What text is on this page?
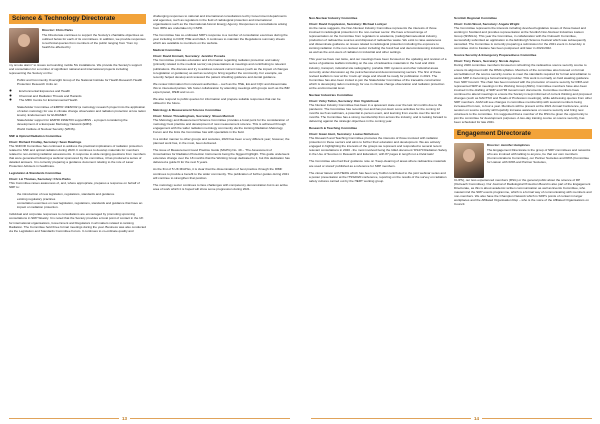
Science & Technology Directorate
Director: Chris Parks

The Directorate continues to support the Society's charitable objectives as outlined below for each of its committees. In addition, we provide responses to technical queries from members of the public ranging from "Can my health be affected by

my smoke alarm" to issues surrounding mobile 5G installations. We provide the Society's support and consultation for a number of significant national and international projects including representing the Society on the:

• Public and Community Oversight Group of the National Institute for Health Research Health Protection Research Units on:
◦ Environmental Exposures and Health
◦ Chemical and Radiation Threats and Hazards
◦ The MRC Centre for Environmental Health
• Stakeholder Committee of EMPIR 19ENV02 (a metrology research project into the application of radon metrology for use in climate change observation and radiation protection at low radon levels). Endorsement for EURAMET.
• Stakeholder support for EMPIR 19NET03 supportBSS - a project considering the development of a European Metrology Network (EMN).
• World Institute of Nuclear Security (WINS).
SNF & Optical Radiation Committee
Chair: Richard Findlay, Secretary: Sean Rawlings

The SNFOR Committee has continued to address the practical implications of radiation protection related to SNF and optical radiation during 2020. It continues to develop materials for members related to non-ionising radiation assessments. In response to wide ranging questions from members that were generated following a webinar sponsored by the committee, it has produced a series of detailed answers. It is currently preparing a guidance document relating to the role of Laser Protection Advisers in healthcare.

Legislation & Standards Committee
Chair: Liz Thomas, Secretary: Chris Parks

This Committee raises awareness of, and, where appropriate, prepares a response on behalf of SRP to:

• the introduction of new legislation, regulations, standards and guidance
• existing regulatory practices
• consultation exercises on new legislation, regulations, standards and guidance that have an impact on radiation protection.

Individual and corporate responses to consultations are encouraged by promoting upcoming consultations in SRP Weekly. It is noted that the Society provides a focal point of contact in the UK for international organisations, Government and Regulators in all matters related to ionising Radiation. The Committee held three formal meetings during the year. Business was also conducted via the Legislation and Standards Committee Forum. It continues to co-ordinate quality and

challenging responses to national and international consultations led by Government departments and agencies, such as regulators in the field of radiological protection and international organisations such as the International Atomic Energy Agency. Responses to consultations arising from IRPA are undertaken by CSPR.

The Committee has co-ordinated SRP's response to a number of consultation exercises during the year including to ICRP, HSE and IAEA. It continues to maintain the Regulations summary sheets which are available to members on the website.

Medical Committee
Chair: David Emmett, Secretary: Jennifer Poveda

The Committee provides education and information regarding radiation protection and safety (primarily related to the medical sector) via presentations at meetings and contributing to relevant publications. We discuss and try to address relevant current issues (such as the impact of changes to legislation or guidance) as well as serving to bring together the community. For example, we recently helped develop and reviewed the patient shielding guidance and dental guidance.

We review information from relevant authorities – such as the HSE, EA and CQC and disseminate this to interested parties. We foster collaboration by attending meetings with groups such as the BIR expert panel, IPEM and so on.

We also respond to public queries for information and prepare suitable responses that can be utilised in the future.

Metrology & Measurement Science Committee
Chair: Simon Threadingham, Secretary: Shaun Marriott

The Metrology and Measurement Science Committee provides a focal point for the consideration of metrology best practice and development of new measurement science. This is achieved through engagement with the wider radiation metrology community via the Ionising Radiation Metrology Forum and the links the Committee has with specialists in the field.

In a similar manner to other groups and societies, 2020 has been a very different year; however, the planned work has, in the most, been delivered.

The issue of Measurement Good Practice Guide (MGPG) No. 49 – 'The Assessment of Uncertainties for Radiation Protection Instruments being the biggest highlight. This guide underwent extensive change over the 18 months that the Working Group dedicated to it, but this dedication has delivered a guide fit for the next 5 years.

As the first of 5 UK MGPGs, it is clear that the dissemination of best practice through the IRMF continues to provide a benefit to the wider community. The publication of further guides during 2021 will continue to strengthen that position.

The metrology sector continues to face challenges with competency demonstration but is an active area of work which it is hoped will show some progression during 2021.

Non-Nuclear Industry Committee
Chair: David Coppleston, Secretary: Michael Lockyer

As the name suggests, the Non-Nuclear Industry Committee represents the interests of those involved in radiological protection in the non-nuclear sector. We have a broad range of representation on the Committee from regulators to academia, (radio)pharmaceutical industry, production of radioactive sources and disposal of radioactive waste. We exist to raise awareness and disseminate guidance on issues related to radiological protection including the exposure to ionising radiation in the non-nuclear sector including the fossil fuel and decommissioning industries, as well as the end-users of radiation in industrial and other settings.

This year we have met twice, and our meetings have been focused on the updating and revision of a series of guidance leaflets including on the use of radioactive materials in the food and drink industry, transport, industrial site radiography, portable XRF systems and other industrial areas currently under discussion eg the petrochemical and decommissioning sectors. The first of these revised leaflets is now at the 'mock-up' stage and should be ready for publication in 2021. The Committee has also been invited to join the Stakeholder Committee of the traceable construction which is developing radon metrology for use in climate change observation and radiation protection at the environmental level.

Nuclear Industries Committee
Chair: Vicky Tallon, Secretary: Kim Vignitchouk

The Nuclear Industry Committee has been in a quiescent state over the last 12 months due to the pandemic. The Committee has recently met and has put down some activities for the coming 12 months such as webinars, a potential in-person event, and learning from events over the last 12 months. The Committee has a strong membership from across the industry, and is looking forward to delivering against the strategic objectives in the coming year.

Research & Teaching Committee
Chair: Gwen Hunt, Secretary: Louise Nicholson

The Research and Teaching Committee promotes the interests of those involved with radiation protection in these sectors and aims to further their education and development. We are actively engaged in highlighting the interests of the groups we represent and responded to several recent relevant consultations in 2020 - the most involved being the IAEA document 'DS470 Radiation Safety in the Use of Sources in Research and Education', with 87 pages in length not a trivial task!

The Committee also had their guidance note on 'Keep-cleaning of areas where radioactive materials are used or stored' published as a reference for SRP members.

The closer liaison with HERG which has been very fruitful contributed to the joint webinar series and a poster presentation at the ITSS2020 conference, reporting on the results of the survey on radiation safety cultures carried out by the HERT working group.

Scottish Regional Committee
Chair: Colin Wood, Secretary: Angela Wright

The Committee represents the interests including devolved legislative issues of those based and working in Scotland and provides representation at the Scottish Non-Nuclear Industries Liaison Group (SNNILG). This year the Committee, in collaboration with the Outreach Committee, successfully submitted an application to the Edinburgh Science Festival which was subsequently cancelled. The Committee is currently preparing a submission for the 2021 event in June/July. A committee visit to Fastane has been postponed until later in 2021/2022.

Source Security & Emergency Preparedness Committee
Chair: Tony Peters, Secretary: Nicola Jaynes

During 2020 committee members focused on refreshing the radioactive source security course to ensure its alignment with the RIMA syllabus. Members of the committee also focused on formal accreditation of the source security course to meet the standards required for formal accreditation to assist SRP in becoming a formal training provider. This work is normally on held awaiting guidance from SRP Council. The chair has been involved with the promotion of source security for RIPA and represented SRP at meetings in the Working Group (AWG). Committee members have also been involved in the drafting of SRP and HM Government documents. Committee members have continued to attend meetings to ensure the Society is kept informed of current thinking and proposed changes (such as NACTSO and Heads of Profession meetings), while addressing queries from other SRP members. AGM will see changes in committee membership with several members being increased from two, to four a year. Members will be present at the 2021 Annual Conference, and a session on source security will hopefully increase awareness on source security and bring new volunteers to the committee. It is suggested that a member of the RSG be given the opportunity to join the committee for development purposes. A two-day training course on source security, has been scheduled for late 2021.

Engagement Directorate
Director: Jennifer Humphries

The Engagement Directorate is the group of SRP committees and networks who are involved with talking to anyone, be that our own members (Communications Committee), our Partner Societies and IRPA (Committee for Liaison with IRPA and Partner Societies,

CLIPS), our less experienced members (RSG) or the general public about the science of RP (Outreach Committee). Our Journal of Radiological Protection Board is also part of the Engagement Directorate, as this is about academic written communication as well as Events Committee, who mastermind the SRP events programme, which is a formal way of communicating with members and non-members. We also have the Champion Network which is SRP's points of contact in larger workplaces and the Affiliated Organisation Rep – who is the voice of the Affiliated Organisations on Council.

13	14
